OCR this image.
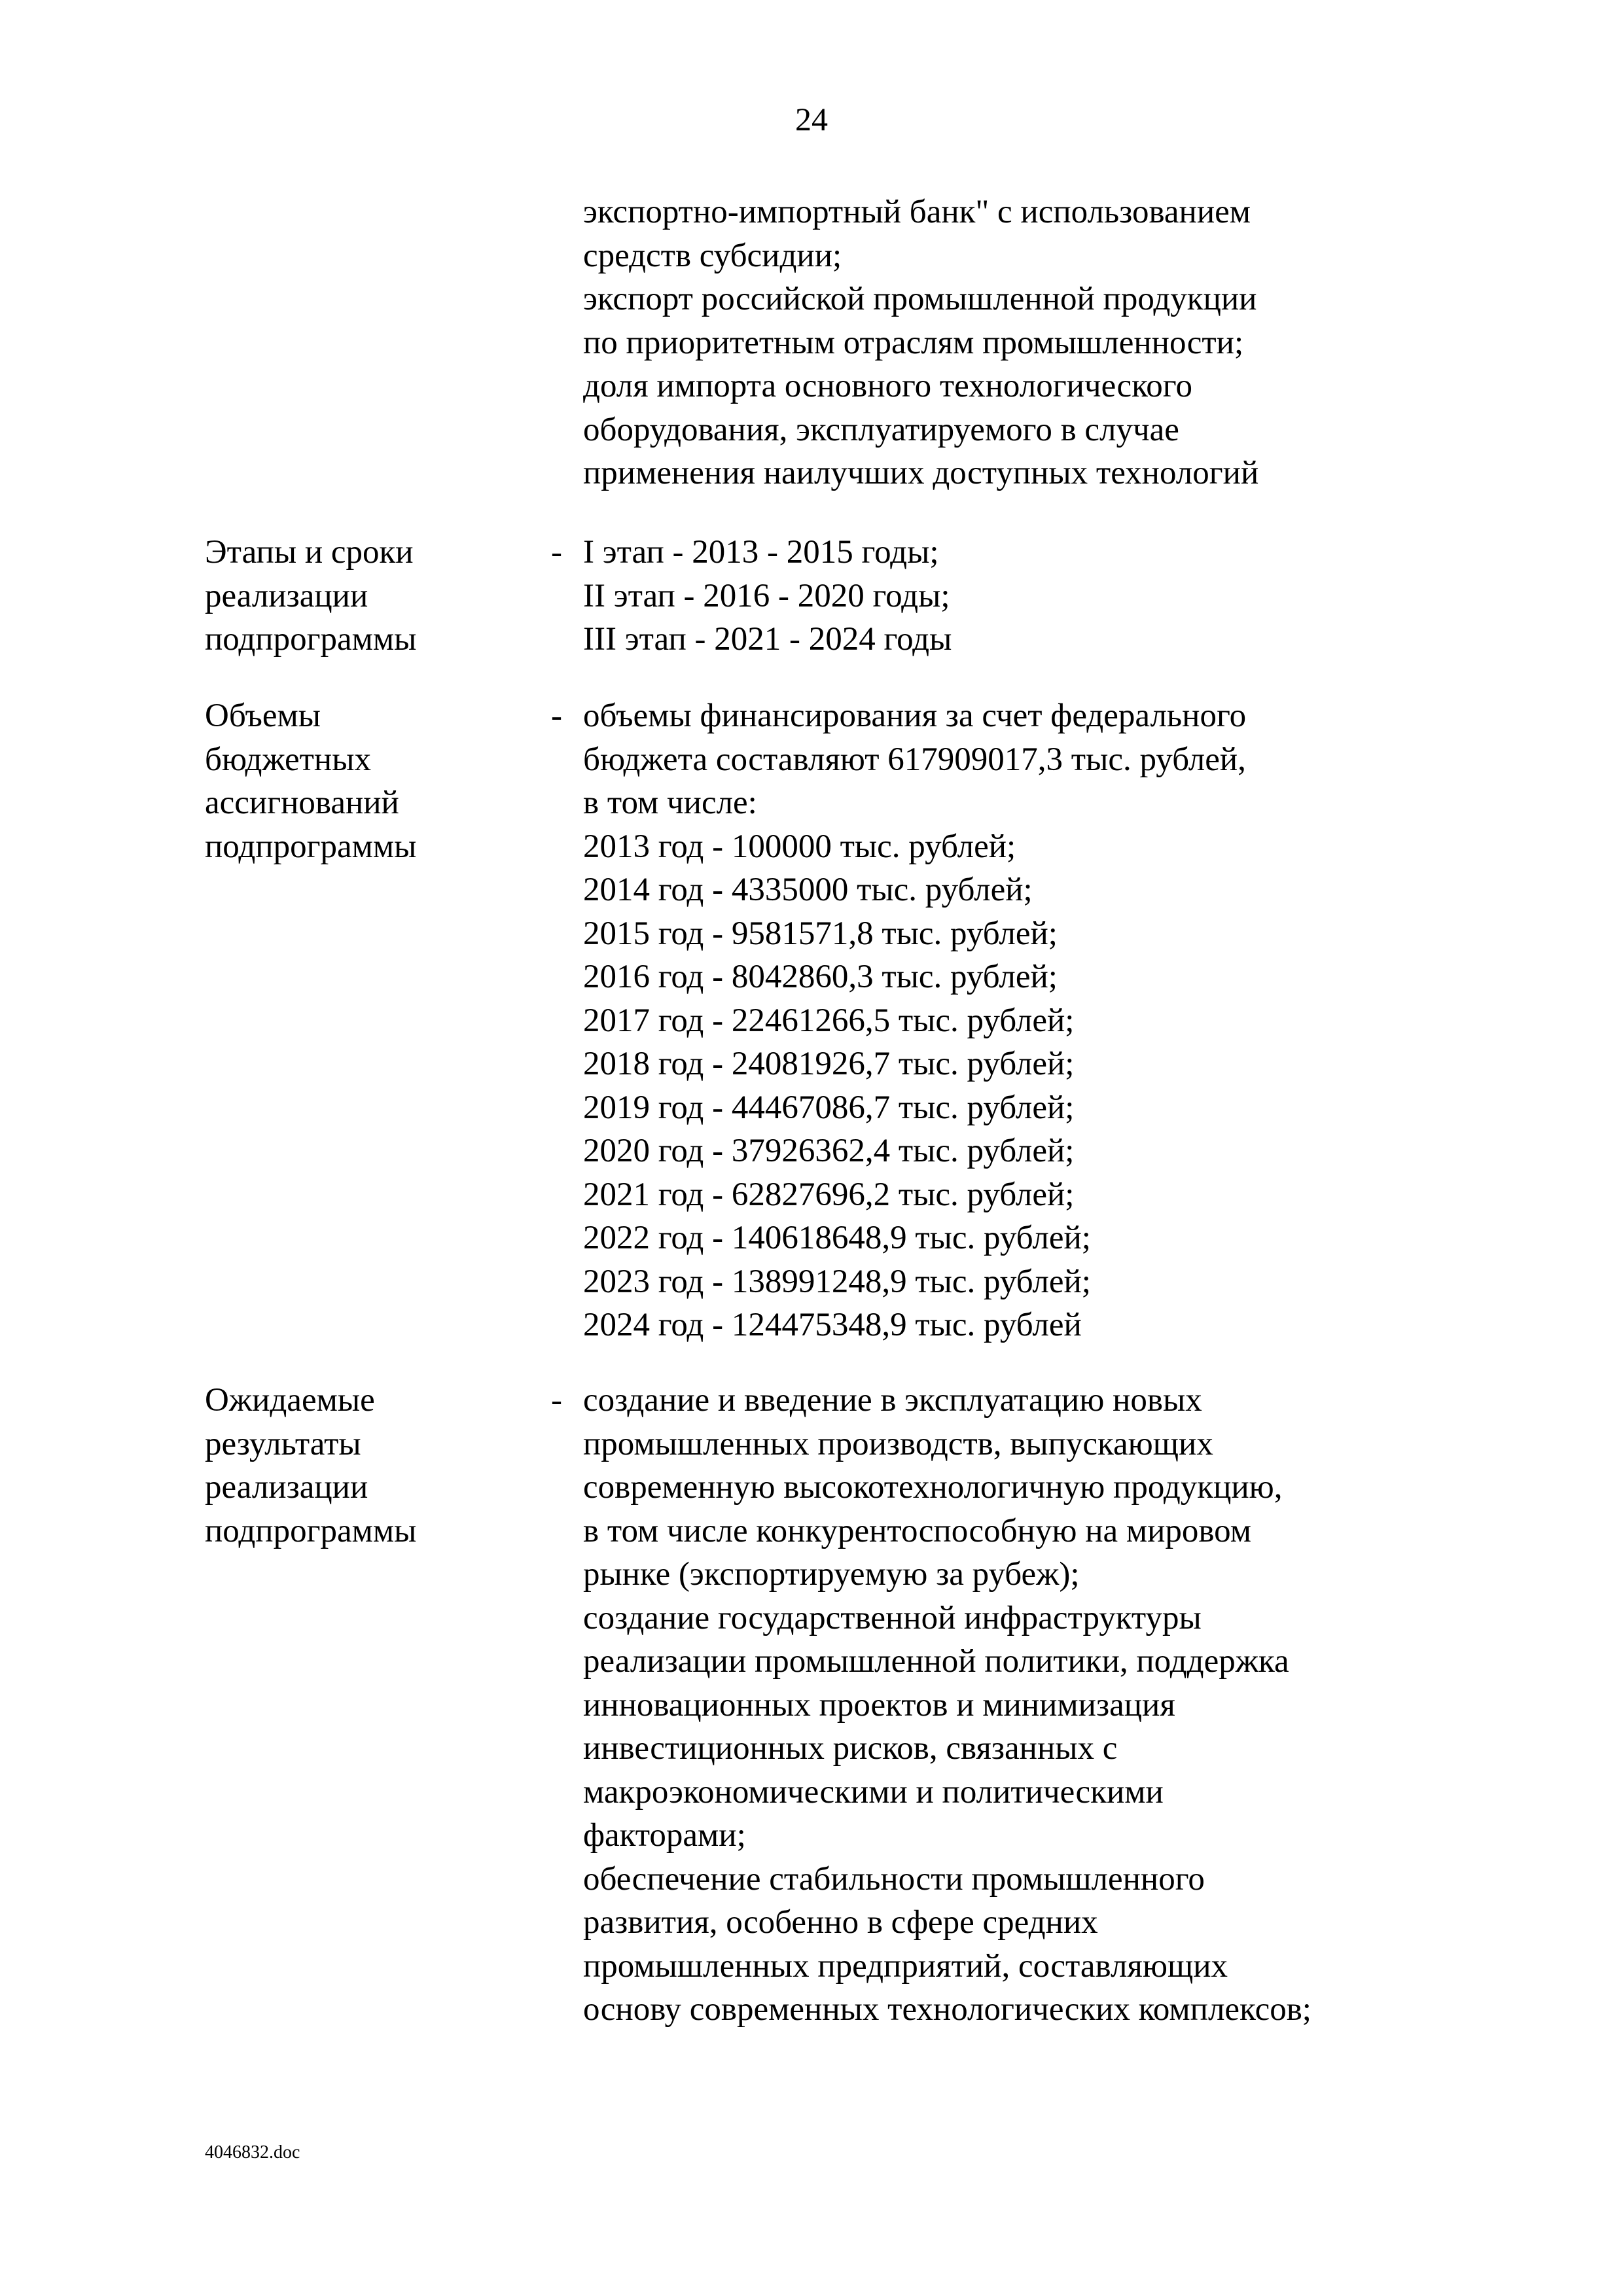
24
экспортно-импортный банк" с использованием
средств субсидии;
экспорт российской промышленной продукции
по приоритетным отраслям промышленности;
доля импорта основного технологического
оборудования, эксплуатируемого в случае
применения наилучших доступных технологий
Этапы и сроки
реализации
подпрограммы
- I этап - 2013 - 2015 годы;
II этап - 2016 - 2020 годы;
III этап - 2021 - 2024 годы
Объемы
бюджетных
ассигнований
подпрограммы
- объемы финансирования за счет федерального
бюджета составляют 617909017,3 тыс. рублей,
в том числе:
2013 год - 100000 тыс. рублей;
2014 год - 4335000 тыс. рублей;
2015 год - 9581571,8 тыс. рублей;
2016 год - 8042860,3 тыс. рублей;
2017 год - 22461266,5 тыс. рублей;
2018 год - 24081926,7 тыс. рублей;
2019 год - 44467086,7 тыс. рублей;
2020 год - 37926362,4 тыс. рублей;
2021 год - 62827696,2 тыс. рублей;
2022 год - 140618648,9 тыс. рублей;
2023 год - 138991248,9 тыс. рублей;
2024 год - 124475348,9 тыс. рублей
Ожидаемые
результаты
реализации
подпрограммы
- создание и введение в эксплуатацию новых
промышленных производств, выпускающих
современную высокотехнологичную продукцию,
в том числе конкурентоспособную на мировом
рынке (экспортируемую за рубеж);
создание государственной инфраструктуры
реализации промышленной политики, поддержка
инновационных проектов и минимизация
инвестиционных рисков, связанных с
макроэкономическими и политическими
факторами;
обеспечение стабильности промышленного
развития, особенно в сфере средних
промышленных предприятий, составляющих
основу современных технологических комплексов;
4046832.doc
